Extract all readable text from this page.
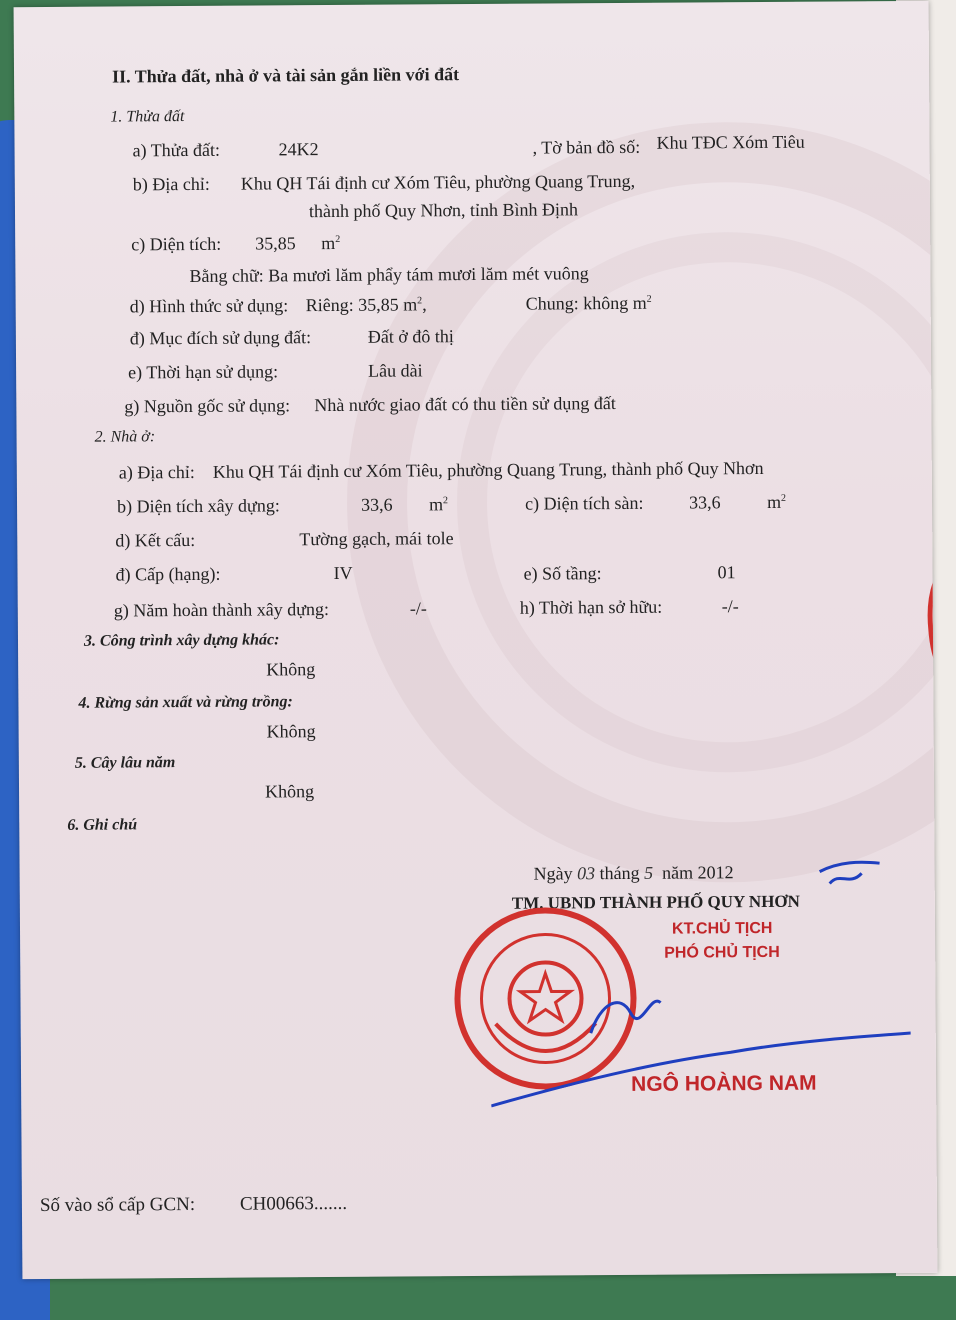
II. Thửa đất, nhà ở và tài sản gắn liền với đất
1. Thửa đất
a) Thửa đất:	24K2	, Tờ bản đồ số: Khu TĐC Xóm Tiêu
b) Địa chỉ: Khu QH Tái định cư Xóm Tiêu, phường Quang Trung,
thành phố Quy Nhơn, tỉnh Bình Định
c) Diện tích: 35,85 $m^2$
Bằng chữ: Ba mươi lăm phẩy tám mươi lăm mét vuông
d) Hình thức sử dụng: Riêng: 35,85 $m^2$,	Chung: không $m^2$
đ) Mục đích sử dụng đất:	Đất ở đô thị
e) Thời hạn sử dụng:	Lâu dài
g) Nguồn gốc sử dụng: Nhà nước giao đất có thu tiền sử dụng đất
2. Nhà ở:
a) Địa chỉ: Khu QH Tái định cư Xóm Tiêu, phường Quang Trung, thành phố Quy Nhơn
b) Diện tích xây dựng:	33,6 $m^2$	c) Diện tích sàn:	33,6	$m^2$
d) Kết cấu:	Tường gạch, mái tole
đ) Cấp (hạng):	IV	e) Số tầng:	01
g) Năm hoàn thành xây dựng:	-/-	h) Thời hạn sở hữu:	-/-
3. Công trình xây dựng khác:
Không
4. Rừng sản xuất và rừng trồng:
Không
5. Cây lâu năm
Không
6. Ghi chú
Ngày 03 tháng 5 năm 2012
TM. UBND THÀNH PHỐ QUY NHƠN
KT.CHỦ TỊCH
PHÓ CHỦ TỊCH
NGÔ HOÀNG NAM
Số vào sổ cấp GCN: CH00663.......
